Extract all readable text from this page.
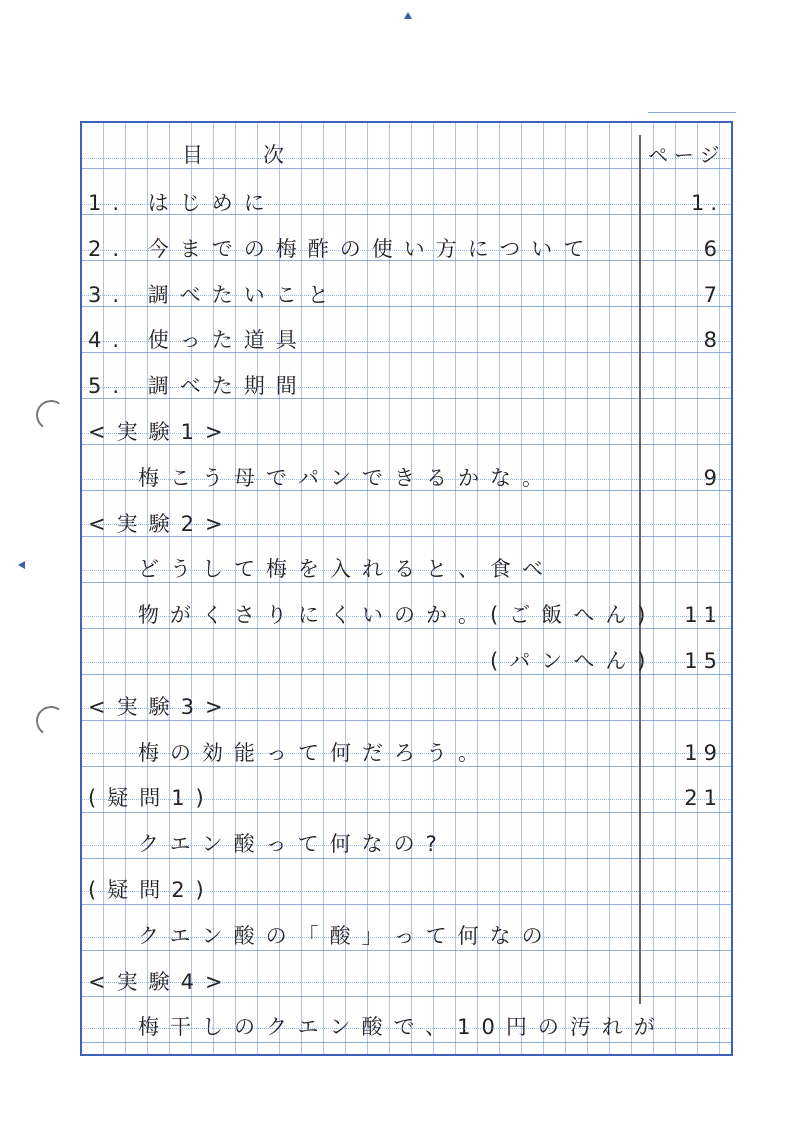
目次	ページ
1. はじめに	1.
2. 今までの梅酢の使い方について	6
3. 調べたいこと	7
4. 使った道具	8
5. 調べた期間
<実験1>
梅こう母でパンできるかな。	9
<実験2>
どうして梅を入れると、食べ
物がくさりにくいのか。(ご飯へん) 11
(パンへん) 15
<実験3>
梅の効能って何だろう。	19
(疑問1)	21
クエン酸って何なの?
(疑問2)
クエン酸の「酸」って何なの
<実験4>
梅干しのクエン酸で、10円の汚れが
